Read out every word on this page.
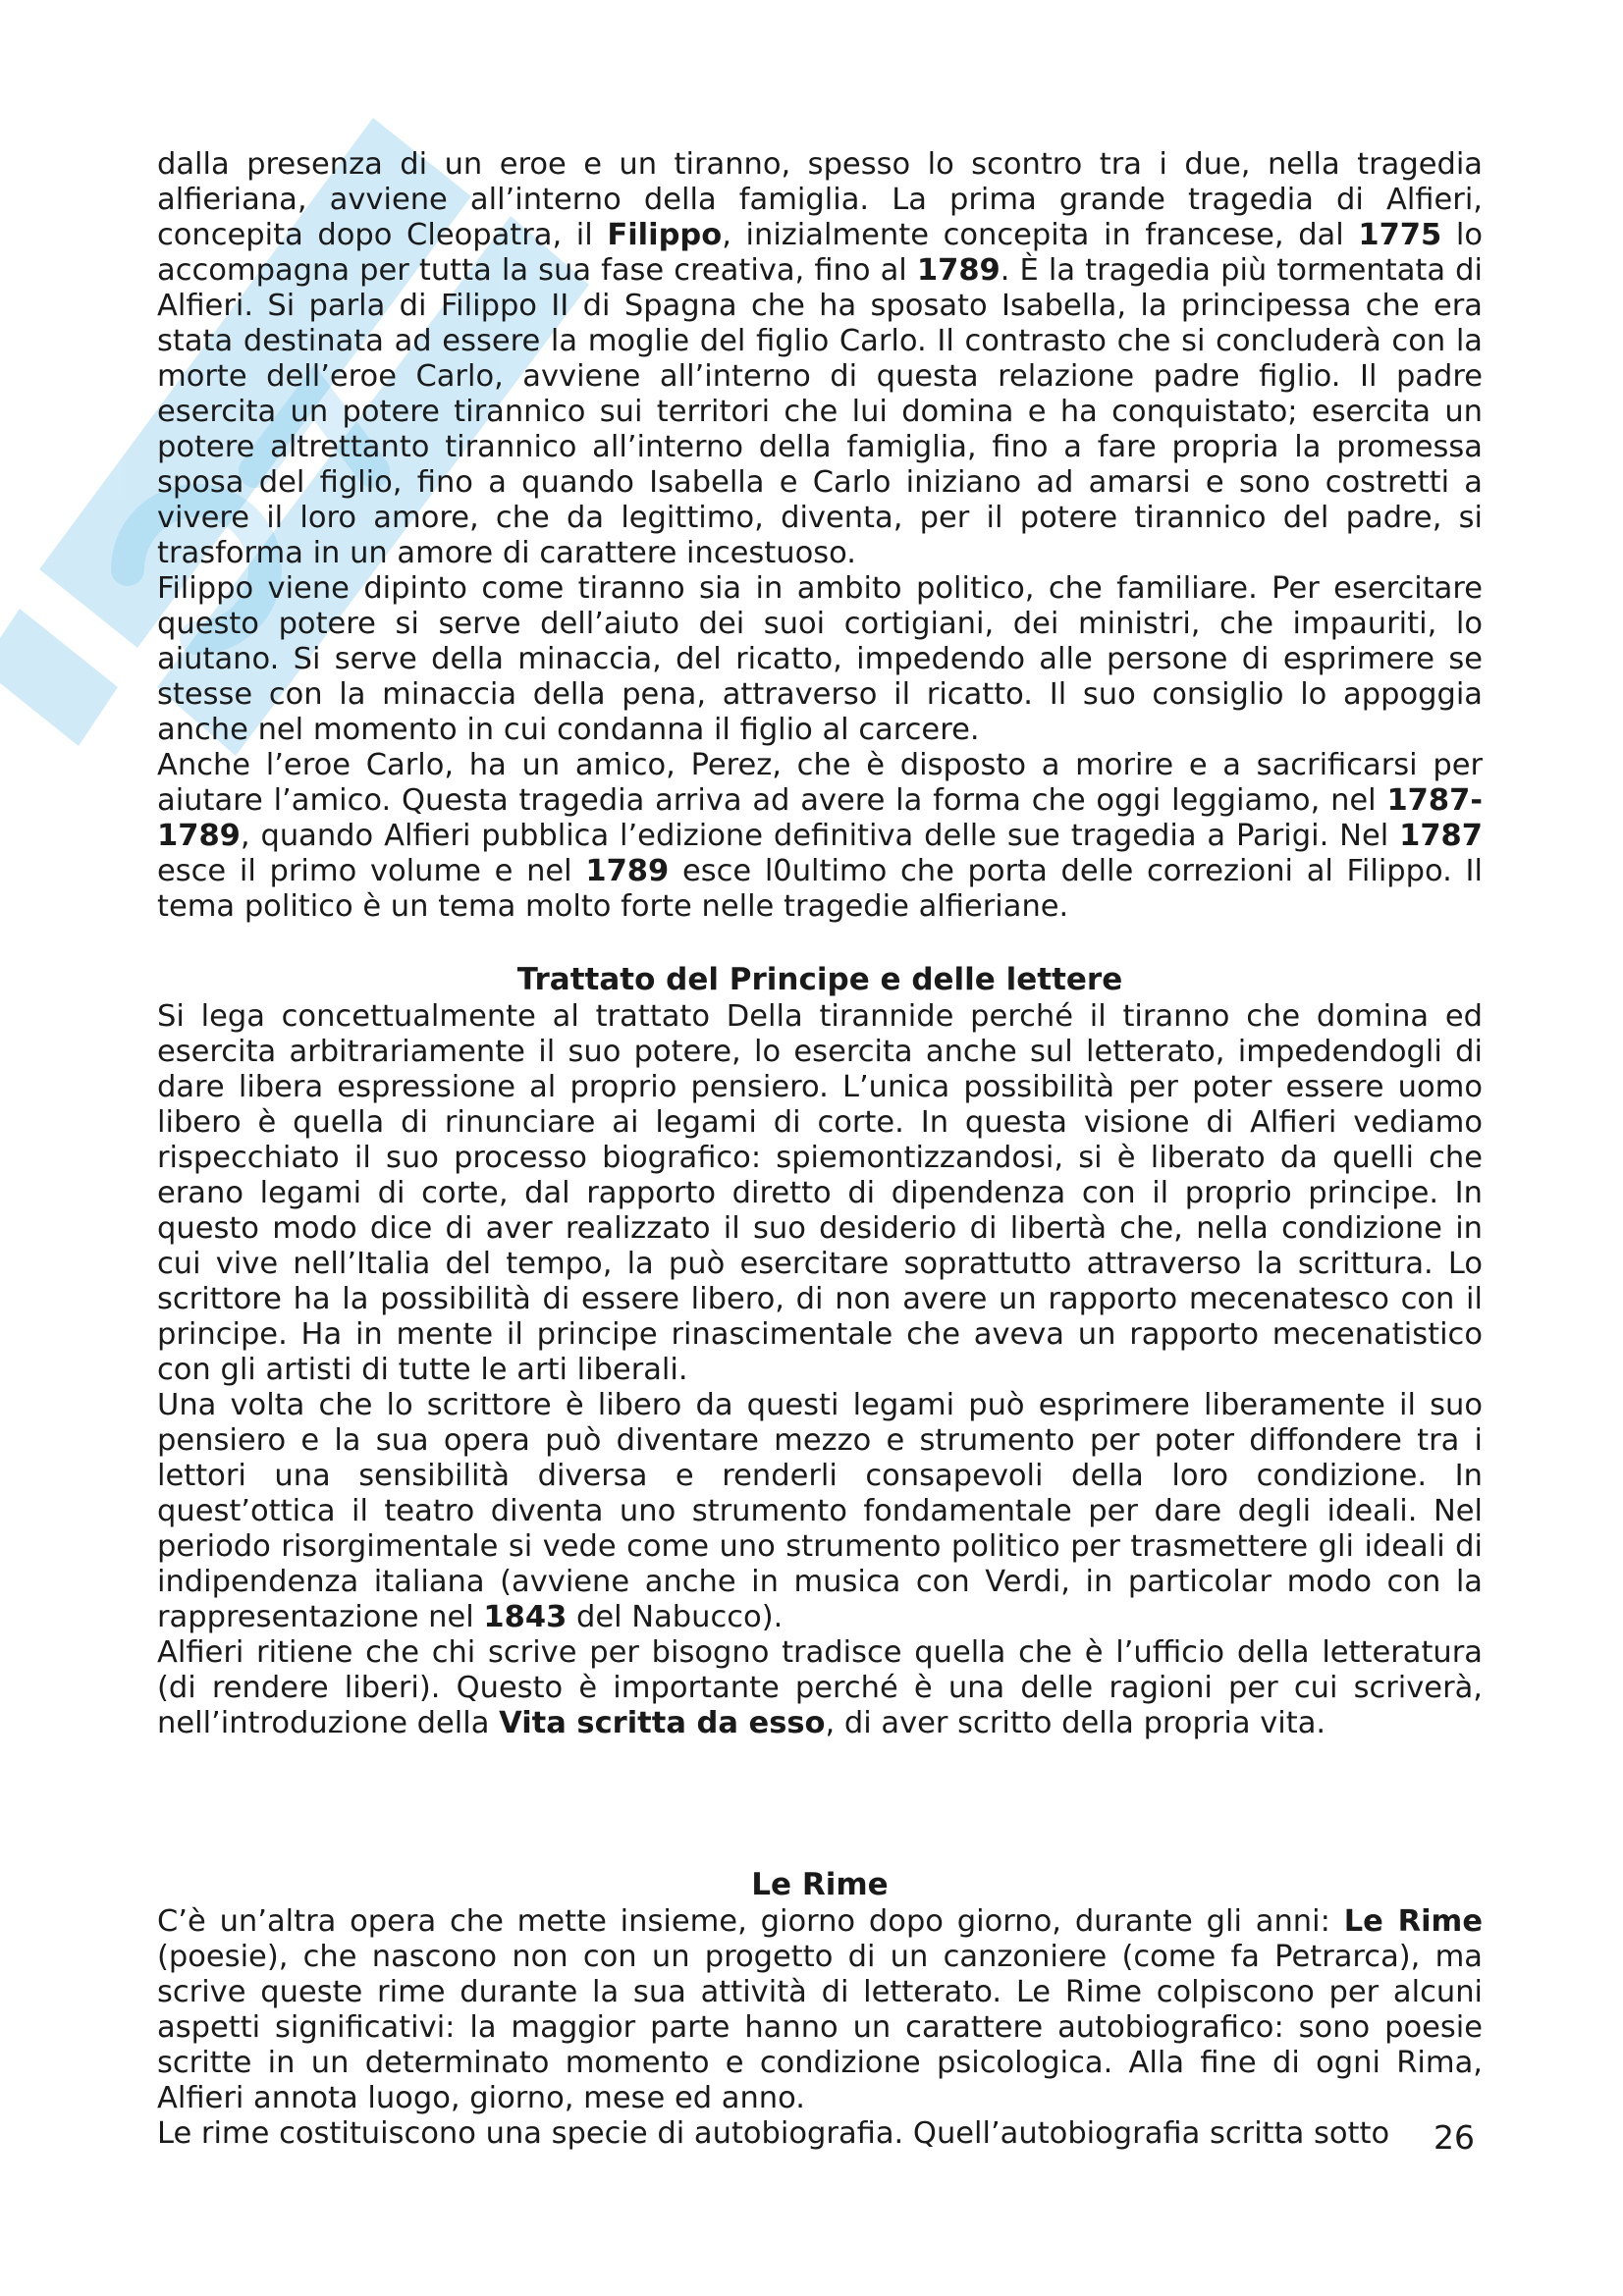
dalla presenza di un eroe e un tiranno, spesso lo scontro tra i due, nella tragedia alfieriana, avviene all’interno della famiglia. La prima grande tragedia di Alfieri, concepita dopo Cleopatra, il Filippo, inizialmente concepita in francese, dal 1775 lo accompagna per tutta la sua fase creativa, fino al 1789. È la tragedia più tormentata di Alfieri. Si parla di Filippo II di Spagna che ha sposato Isabella, la principessa che era stata destinata ad essere la moglie del figlio Carlo. Il contrasto che si concluderà con la morte dell’eroe Carlo, avviene all’interno di questa relazione padre figlio. Il padre esercita un potere tirannico sui territori che lui domina e ha conquistato; esercita un potere altrettanto tirannico all’interno della famiglia, fino a fare propria la promessa sposa del figlio, fino a quando Isabella e Carlo iniziano ad amarsi e sono costretti a vivere il loro amore, che da legittimo, diventa, per il potere tirannico del padre, si trasforma in un amore di carattere incestuoso.

Filippo viene dipinto come tiranno sia in ambito politico, che familiare. Per esercitare questo potere si serve dell’aiuto dei suoi cortigiani, dei ministri, che impauriti, lo aiutano. Si serve della minaccia, del ricatto, impedendo alle persone di esprimere se stesse con la minaccia della pena, attraverso il ricatto. Il suo consiglio lo appoggia anche nel momento in cui condanna il figlio al carcere.

Anche l’eroe Carlo, ha un amico, Perez, che è disposto a morire e a sacrificarsi per aiutare l’amico. Questa tragedia arriva ad avere la forma che oggi leggiamo, nel 1787-1789, quando Alfieri pubblica l’edizione definitiva delle sue tragedia a Parigi. Nel 1787 esce il primo volume e nel 1789 esce l0ultimo che porta delle correzioni al Filippo. Il tema politico è un tema molto forte nelle tragedie alfieriane.

Trattato del Principe e delle lettere

Si lega concettualmente al trattato Della tirannide perché il tiranno che domina ed esercita arbitrariamente il suo potere, lo esercita anche sul letterato, impedendogli di dare libera espressione al proprio pensiero. L’unica possibilità per poter essere uomo libero è quella di rinunciare ai legami di corte. In questa visione di Alfieri vediamo rispecchiato il suo processo biografico: spiemontizzandosi, si è liberato da quelli che erano legami di corte, dal rapporto diretto di dipendenza con il proprio principe. In questo modo dice di aver realizzato il suo desiderio di libertà che, nella condizione in cui vive nell’Italia del tempo, la può esercitare soprattutto attraverso la scrittura. Lo scrittore ha la possibilità di essere libero, di non avere un rapporto mecenatesco con il principe. Ha in mente il principe rinascimentale che aveva un rapporto mecenatistico con gli artisti di tutte le arti liberali.

Una volta che lo scrittore è libero da questi legami può esprimere liberamente il suo pensiero e la sua opera può diventare mezzo e strumento per poter diffondere tra i lettori una sensibilità diversa e renderli consapevoli della loro condizione. In quest’ottica il teatro diventa uno strumento fondamentale per dare degli ideali. Nel periodo risorgimentale si vede come uno strumento politico per trasmettere gli ideali di indipendenza italiana (avviene anche in musica con Verdi, in particolar modo con la rappresentazione nel 1843 del Nabucco).

Alfieri ritiene che chi scrive per bisogno tradisce quella che è l’ufficio della letteratura (di rendere liberi). Questo è importante perché è una delle ragioni per cui scriverà, nell’introduzione della Vita scritta da esso, di aver scritto della propria vita.

Le Rime

C’è un’altra opera che mette insieme, giorno dopo giorno, durante gli anni: Le Rime (poesie), che nascono non con un progetto di un canzoniere (come fa Petrarca), ma scrive queste rime durante la sua attività di letterato. Le Rime colpiscono per alcuni aspetti significativi: la maggior parte hanno un carattere autobiografico: sono poesie scritte in un determinato momento e condizione psicologica. Alla fine di ogni Rima, Alfieri annota luogo, giorno, mese ed anno.

Le rime costituiscono una specie di autobiografia. Quell’autobiografia scritta sotto	26
